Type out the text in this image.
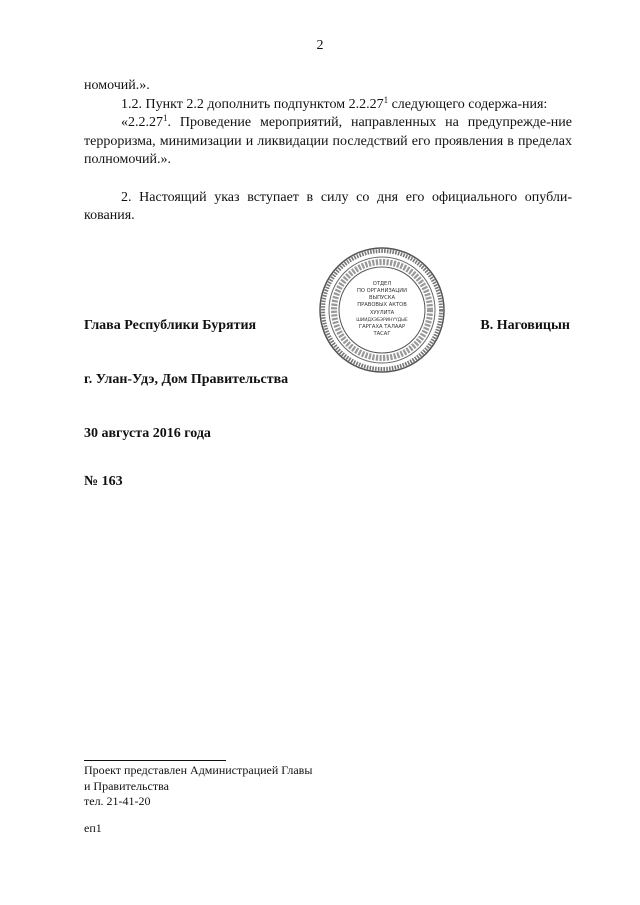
2
номочий.».
1.2. Пункт 2.2 дополнить подпунктом 2.2.27$^1$ следующего содержа-ния:
«2.2.27$^1$. Проведение мероприятий, направленных на предупрежде-ние терроризма, минимизации и ликвидации последствий его проявления в пределах полномочий.».
2. Настоящий указ вступает в силу со дня его официального опубли-кования.
ОТДЕЛ
ПО ОРГАНИЗАЦИИ
ВЫПУСКА
ПРАВОВЫХ АКТОВ
ХУУЛИТА
ШИИДХЭБЭРИНҮҮДЫЕ
ГАРГАХА ТАЛААР
ТАСАГ
Глава Республики Бурятия	В. Наговицын
г. Улан-Удэ, Дом Правительства
30 августа 2016 года
№ 163
Проект представлен Администрацией Главы
и Правительства
тел. 21-41-20
еп1
